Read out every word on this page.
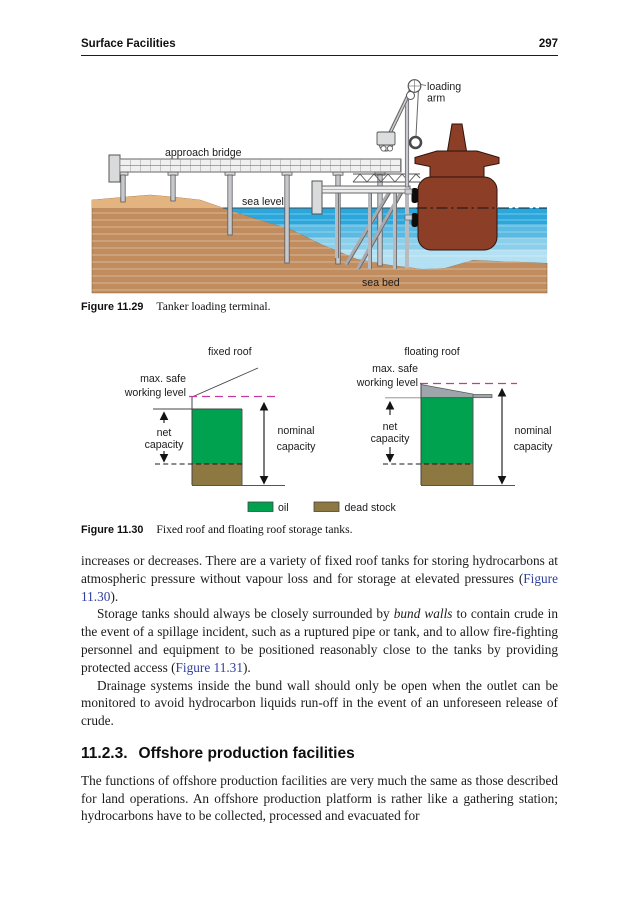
Surface Facilities	297
loading
arm
approach bridge
sea level
sea bed
Figure 11.29 Tanker loading terminal.
fixed roof
max. safe
working level
net
capacity
nominal
capacity
floating roof
max. safe
working level
net
capacity
nominal
capacity
oil	dead stock
Figure 11.30 Fixed roof and floating roof storage tanks.

increases or decreases. There are a variety of fixed roof tanks for storing hydrocarbons at atmospheric pressure without vapour loss and for storage at elevated pressures (Figure 11.30).

Storage tanks should always be closely surrounded by bund walls to contain crude in the event of a spillage incident, such as a ruptured pipe or tank, and to allow fire-fighting personnel and equipment to be positioned reasonably close to the tanks by providing protected access (Figure 11.31).

Drainage systems inside the bund wall should only be open when the outlet can be monitored to avoid hydrocarbon liquids run-off in the event of an unforeseen release of crude.

11.2.3. Offshore production facilities

The functions of offshore production facilities are very much the same as those described for land operations. An offshore production platform is rather like a gathering station; hydrocarbons have to be collected, processed and evacuated for
